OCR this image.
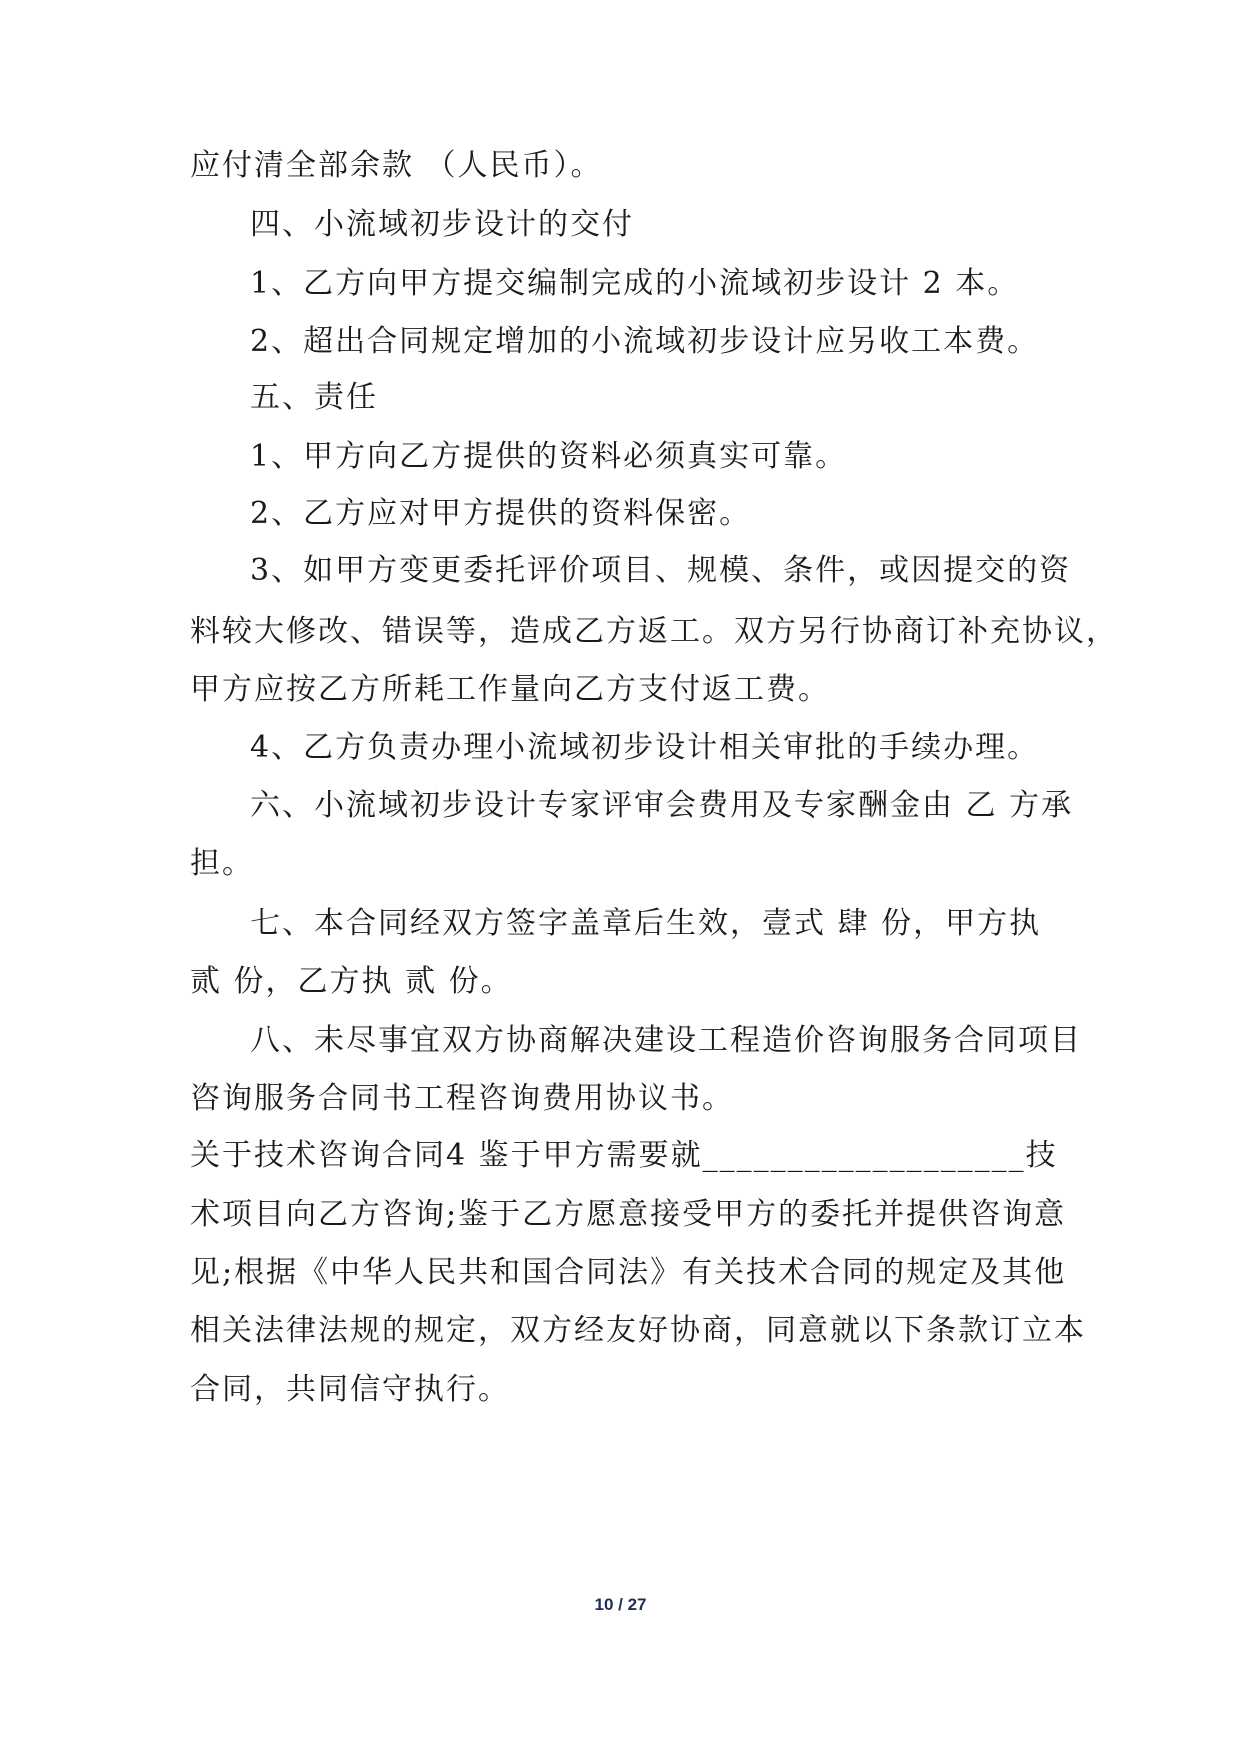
应付清全部余款 （人民币）。
四、小流域初步设计的交付
1、乙方向甲方提交编制完成的小流域初步设计 2 本。
2、超出合同规定增加的小流域初步设计应另收工本费。
五、责任
1、甲方向乙方提供的资料必须真实可靠。
2、乙方应对甲方提供的资料保密。
3、如甲方变更委托评价项目、规模、条件，或因提交的资
料较大修改、错误等，造成乙方返工。双方另行协商订补充协议，
甲方应按乙方所耗工作量向乙方支付返工费。
4、乙方负责办理小流域初步设计相关审批的手续办理。
六、小流域初步设计专家评审会费用及专家酬金由 乙 方承
担。
七、本合同经双方签字盖章后生效，壹式 肆 份，甲方执
贰 份，乙方执 贰 份。
八、未尽事宜双方协商解决建设工程造价咨询服务合同项目
咨询服务合同书工程咨询费用协议书。
关于技术咨询合同4 鉴于甲方需要就___________________技
术项目向乙方咨询;鉴于乙方愿意接受甲方的委托并提供咨询意
见;根据《中华人民共和国合同法》有关技术合同的规定及其他
相关法律法规的规定，双方经友好协商，同意就以下条款订立本
合同，共同信守执行。
10 / 27
